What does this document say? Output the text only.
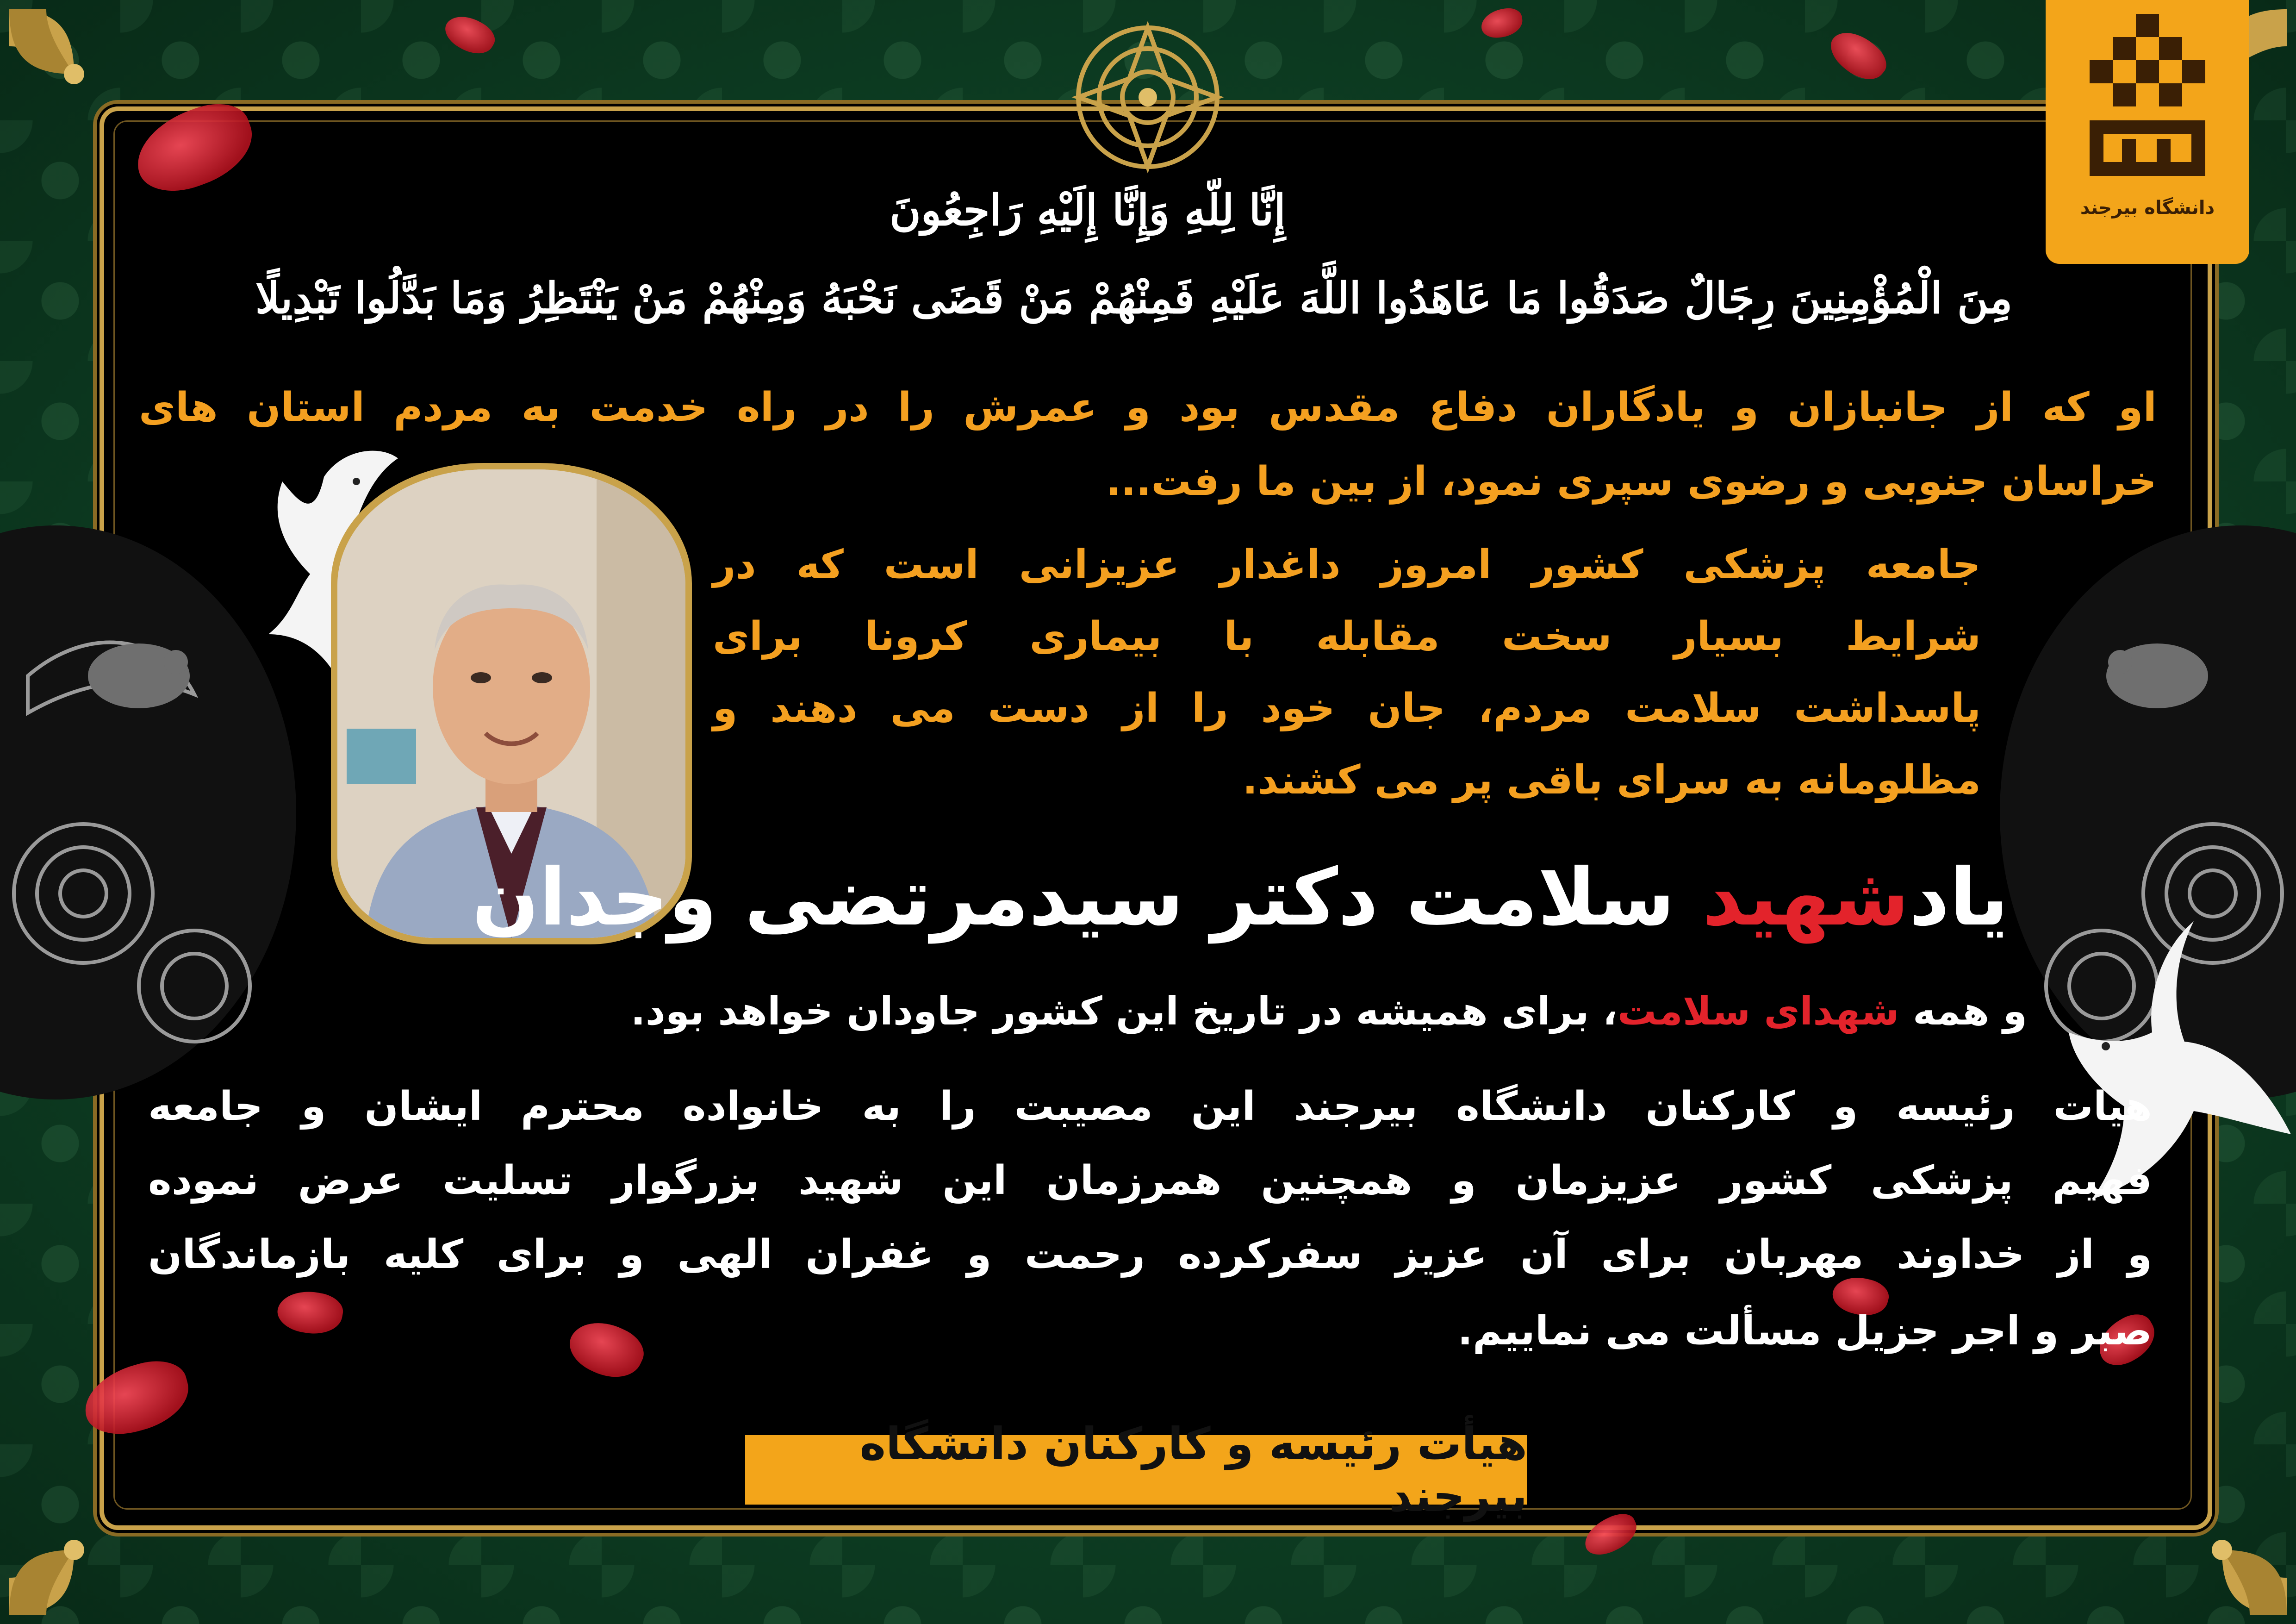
دانشگاه بیرجند
إِنَّا لِلّهِ وَإِنَّا إِلَيْهِ رَاجِعُونَ
مِنَ الْمُؤْمِنِينَ رِجَالٌ صَدَقُوا مَا عَاهَدُوا اللَّهَ عَلَيْهِ فَمِنْهُمْ مَنْ قَضَى نَحْبَهُ وَمِنْهُمْ مَنْ يَنْتَظِرُ وَمَا بَدَّلُوا تَبْدِيلًا
او که از جانبازان و یادگاران دفاع مقدس بود و عمرش را در راه خدمت به مردم استان های
خراسان جنوبی و رضوی سپری نمود، از بین ما رفت...
جامعه پزشکی کشور امروز داغدار عزیزانی است که در
شرایط بسیار سخت مقابله با بیماری کرونا برای
پاسداشت سلامت مردم، جان خود را از دست می دهند و
مظلومانه به سرای باقی پر می کشند.
یادشهید سلامت دکتر سیدمرتضی وجدان
و همه شهدای سلامت، برای همیشه در تاریخ این کشور جاودان خواهد بود.
هیات رئیسه و کارکنان دانشگاه بیرجند این مصیبت را به خانواده محترم ایشان و جامعه
فهیم پزشکی کشور عزیزمان و همچنین همرزمان این شهید بزرگوار تسلیت عرض نموده
و از خداوند مهربان برای آن عزیز سفرکرده رحمت و غفران الهی و برای کلیه بازماندگان
صبر و اجر جزیل مسألت می نماییم.
هیأت رئیسه و کارکنان دانشگاه بیرجند
